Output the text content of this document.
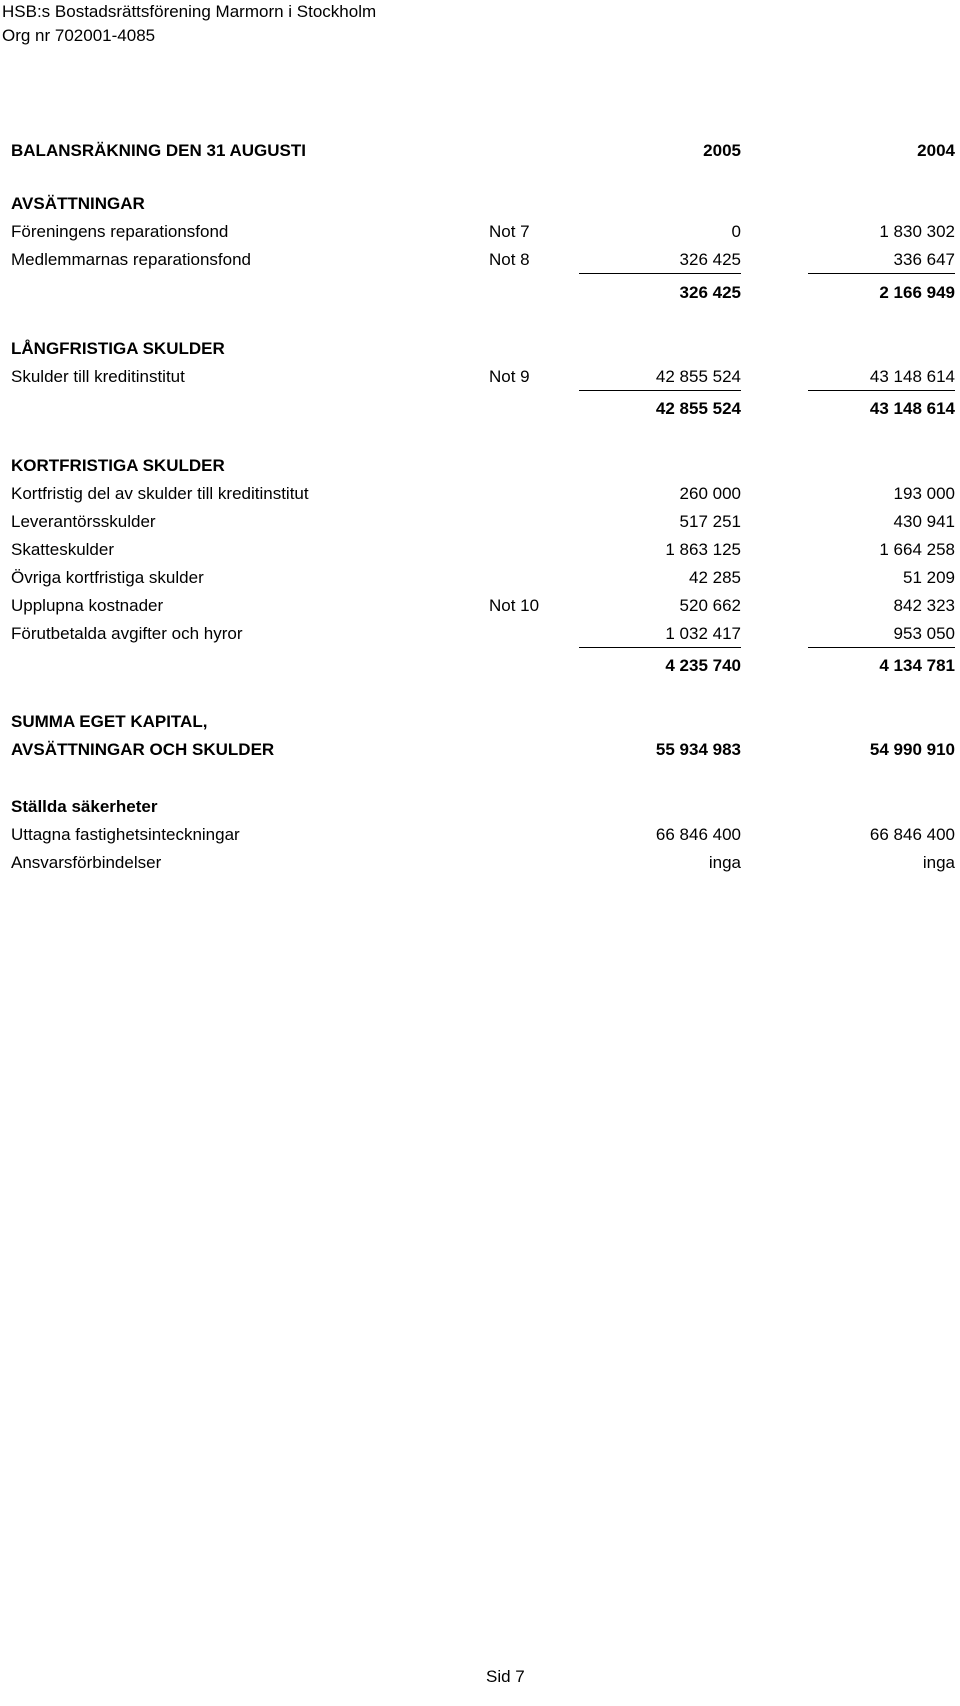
HSB:s Bostadsrättsförening Marmorn i Stockholm
Org nr 702001-4085
BALANSRÄKNING DEN 31 AUGUSTI	2005	2004
AVSÄTTNINGAR
Föreningens reparationsfond	Not 7	0	1 830 302
Medlemmarnas reparationsfond	Not 8	326 425	336 647
326 425	2 166 949
LÅNGFRISTIGA SKULDER
Skulder till kreditinstitut	Not 9	42 855 524	43 148 614
42 855 524	43 148 614
KORTFRISTIGA SKULDER
Kortfristig del av skulder till kreditinstitut	260 000	193 000
Leverantörsskulder	517 251	430 941
Skatteskulder	1 863 125	1 664 258
Övriga kortfristiga skulder	42 285	51 209
Upplupna kostnader	Not 10	520 662	842 323
Förutbetalda avgifter och hyror	1 032 417	953 050
4 235 740	4 134 781
SUMMA EGET KAPITAL,
AVSÄTTNINGAR OCH SKULDER	55 934 983	54 990 910
Ställda säkerheter
Uttagna fastighetsinteckningar	66 846 400	66 846 400
Ansvarsförbindelser	inga	inga
Sid 7
